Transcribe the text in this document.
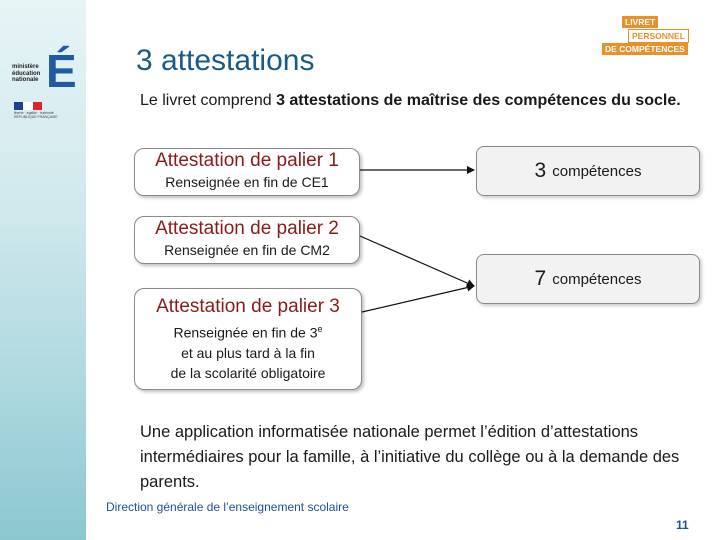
ministère
éducation
nationale É
liberté · égalité · fraternité
RÉPUBLIQUE FRANÇAISE
3 attestations
LIVRET
PERSONNEL
DE COMPÉTENCES
Le livret comprend 3 attestations de maîtrise des compétences du socle.
Attestation de palier 1
Renseignée en fin de CE1
Attestation de palier 2
Renseignée en fin de CM2
Attestation de palier 3
Renseignée en fin de 3e
et au plus tard à la fin
de la scolarité obligatoire
3 compétences
7 compétences
Une application informatisée nationale permet l’édition d’attestations intermédiaires pour la famille, à l’initiative du collège ou à la demande des parents.
Direction générale de l’enseignement scolaire
11
